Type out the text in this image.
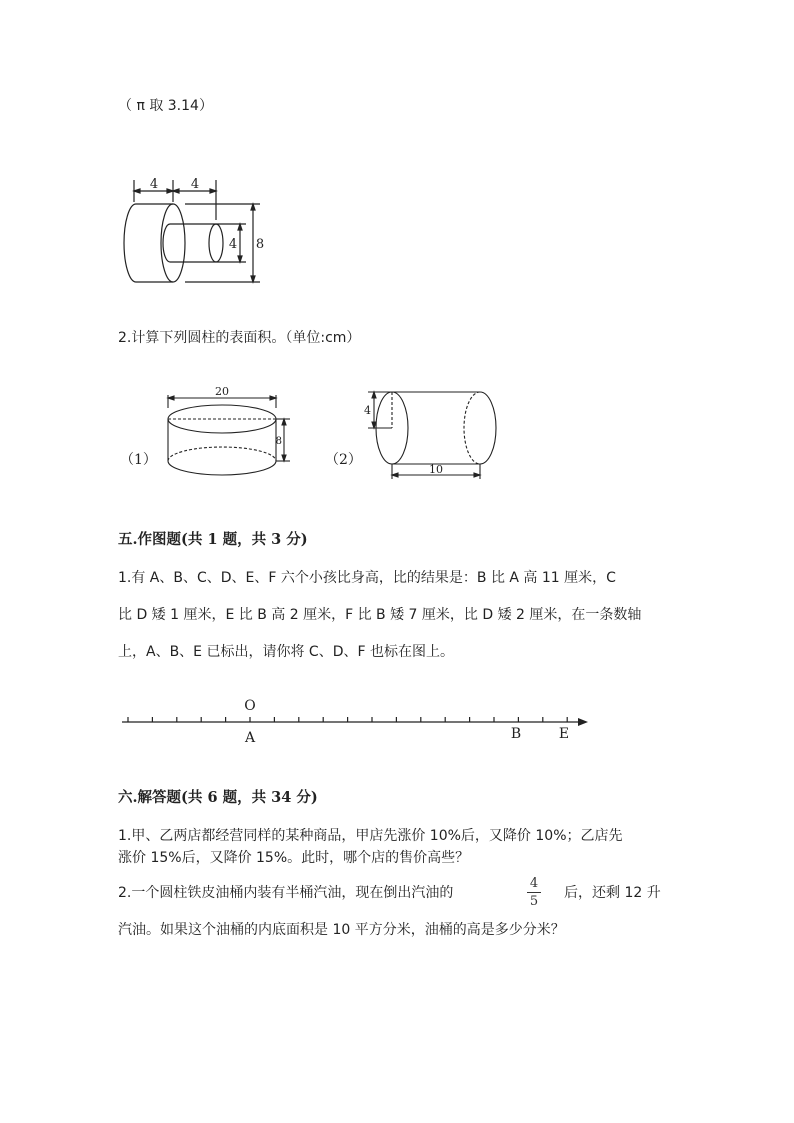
（ π 取 3.14）
4	4
4 8
2.计算下列圆柱的表面积。（单位:cm）
（1）
20
8
（2）
4
10
五.作图题(共 1 题，共 3 分)
1.有 A、B、C、D、E、F 六个小孩比身高，比的结果是：B 比 A 高 11 厘米，C
比 D 矮 1 厘米，E 比 B 高 2 厘米，F 比 B 矮 7 厘米，比 D 矮 2 厘米，在一条数轴
上，A、B、E 已标出，请你将 C、D、F 也标在图上。
O
A	B	E
六.解答题(共 6 题，共 34 分)
1.甲、乙两店都经营同样的某种商品，甲店先涨价 10%后，又降价 10%；乙店先
涨价 15%后，又降价 15%。此时，哪个店的售价高些？
2.一个圆柱铁皮油桶内装有半桶汽油，现在倒出汽油的
4
5
后，还剩 12 升
汽油。如果这个油桶的内底面积是 10 平方分米，油桶的高是多少分米？
